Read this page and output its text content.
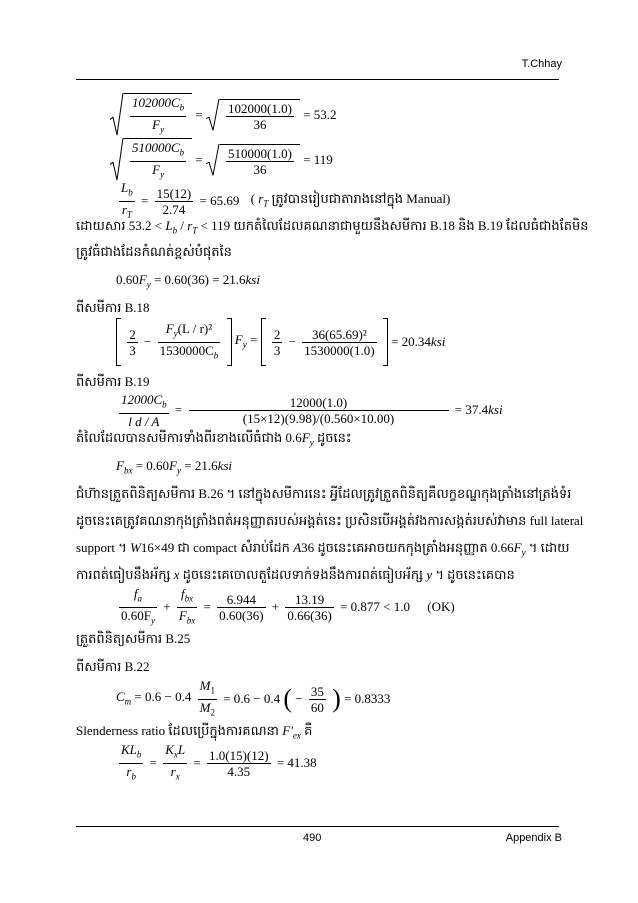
T.Chhay
$\frac{102000C_b}{F_y} = \frac{102000(1.0)}{36} = 53.2$
$\frac{510000C_b}{F_y} = \frac{510000(1.0)}{36} = 119$
$\frac{L_b}{r_T} = \frac{15(12)}{2.74} = 65.69$ ( $r_T$ ត្រូវបានរៀបជាតារាងនៅក្នុង Manual)
ដោយសារ $53.2 < L_b / r_T < 119$ យកតំលៃដែលគណនាជាមួយនឹងសមីការ B.18 និង B.19 ដែលធំជាងតែមិន
ត្រូវធំជាងដែនកំណត់ខ្ពស់បំផុតនៃ
$0.60F_y = 0.60(36) = 21.6ksi$
ពីសមីការ B.18

$\frac{2}{3} - \frac{F_y(L / r)^2}{1530000C_b} F_y = \frac{2}{3} - \frac{\text{36(65.69)²}}{1530000(1.0)} = 20.34ksi$
ពីសមីការ B.19
$\frac{12000C_b}{\text{l d / A}} = \frac{12000(1.0)}{(15\times 12)(9.98)/(0.560\times 10.00)} = 37.4ksi$
តំលៃដែលបានសមីការទាំងពីរខាងលើធំជាង $0.6F_y$ ដូចនេះ
$F_{bx} = 0.60F_y = 21.6ksi$
ជំហ៊ានត្រួតពិនិត្យសមីការ B.26 ។ នៅក្នុងសមីការនេះ អ្វីដែលត្រូវត្រួតពិនិត្យគឺលក្ខខណ្ឌកុងត្រាំងនៅត្រង់ទំរ
ដូចនេះគេត្រូវគណនាកុងត្រាំងពត់អនុញ្ញាតរបស់អង្គត់នេះ ប្រសិនបើអង្គត់វងការសង្កត់របស់វាមាន full lateral
support ។ W16×49 ជា compact សំរាប់ដែក A36 ដូចនេះគេអាចយកកុងត្រាំងអនុញ្ញាត $0.66F_y$ ។ ដោយ
ការពត់ធៀបនឹងអ័ក្ស x ដូចនេះគេចោលតួដែលទាក់ទងនឹងការពត់ធៀបអ័ក្ស y ។ ដូចនេះគេបាន
$\frac{f_a}{0.60F_y} + \frac{f_{bx}}{F_{bx}} = \frac{6.944}{0.60(36)} + \frac{13.19}{0.66(36)} = 0.877 < 1.0$ (OK)
ត្រួតពិនិត្យសមីការ B.25
ពីសមីការ B.22
$C_m = 0.6 - 0.4 \frac{M_1}{M_2} = 0.6 - 0.4$ ( − $\frac{35}{60}$ ) = 0.8333
Slenderness ratio ដែលប្រើក្នុងការគណនា $F'_{ex}$ គឺ
$\frac{KL_b}{r_b} = \frac{K_xL}{r_x} = \frac{1.0(15)(12)}{4.35} = 41.38$
490	Appendix B
